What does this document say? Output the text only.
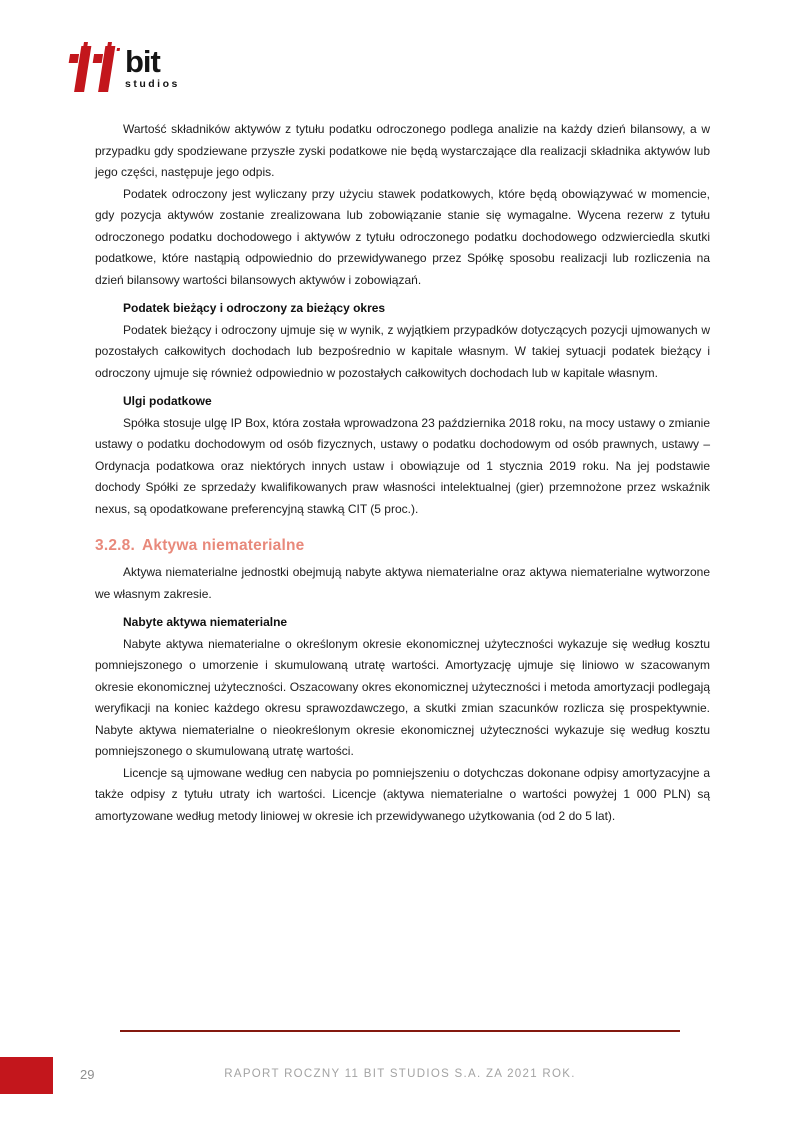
bit
studios

Wartość składników aktywów z tytułu podatku odroczonego podlega analizie na każdy dzień bilansowy, a w przypadku gdy spodziewane przyszłe zyski podatkowe nie będą wystarczające dla realizacji składnika aktywów lub jego części, następuje jego odpis.

Podatek odroczony jest wyliczany przy użyciu stawek podatkowych, które będą obowiązywać w momencie, gdy pozycja aktywów zostanie zrealizowana lub zobowiązanie stanie się wymagalne. Wycena rezerw z tytułu odroczonego podatku dochodowego i aktywów z tytułu odroczonego podatku dochodowego odzwierciedla skutki podatkowe, które nastąpią odpowiednio do przewidywanego przez Spółkę sposobu realizacji lub rozliczenia na dzień bilansowy wartości bilansowych aktywów i zobowiązań.

Podatek bieżący i odroczony za bieżący okres

Podatek bieżący i odroczony ujmuje się w wynik, z wyjątkiem przypadków dotyczących pozycji ujmowanych w pozostałych całkowitych dochodach lub bezpośrednio w kapitale własnym. W takiej sytuacji podatek bieżący i odroczony ujmuje się również odpowiednio w pozostałych całkowitych dochodach lub w kapitale własnym.

Ulgi podatkowe

Spółka stosuje ulgę IP Box, która została wprowadzona 23 października 2018 roku, na mocy ustawy o zmianie ustawy o podatku dochodowym od osób fizycznych, ustawy o podatku dochodowym od osób prawnych, ustawy – Ordynacja podatkowa oraz niektórych innych ustaw i obowiązuje od 1 stycznia 2019 roku. Na jej podstawie dochody Spółki ze sprzedaży kwalifikowanych praw własności intelektualnej (gier) przemnożone przez wskaźnik nexus, są opodatkowane preferencyjną stawką CIT (5 proc.).

3.2.8. Aktywa niematerialne

Aktywa niematerialne jednostki obejmują nabyte aktywa niematerialne oraz aktywa niematerialne wytworzone we własnym zakresie.

Nabyte aktywa niematerialne

Nabyte aktywa niematerialne o określonym okresie ekonomicznej użyteczności wykazuje się według kosztu pomniejszonego o umorzenie i skumulowaną utratę wartości. Amortyzację ujmuje się liniowo w szacowanym okresie ekonomicznej użyteczności. Oszacowany okres ekonomicznej użyteczności i metoda amortyzacji podlegają weryfikacji na koniec każdego okresu sprawozdawczego, a skutki zmian szacunków rozlicza się prospektywnie. Nabyte aktywa niematerialne o nieokreślonym okresie ekonomicznej użyteczności wykazuje się według kosztu pomniejszonego o skumulowaną utratę wartości.

Licencje są ujmowane według cen nabycia po pomniejszeniu o dotychczas dokonane odpisy amortyzacyjne a także odpisy z tytułu utraty ich wartości. Licencje (aktywa niematerialne o wartości powyżej 1 000 PLN) są amortyzowane według metody liniowej w okresie ich przewidywanego użytkowania (od 2 do 5 lat).

29	RAPORT ROCZNY 11 BIT STUDIOS S.A. ZA 2021 ROK.
